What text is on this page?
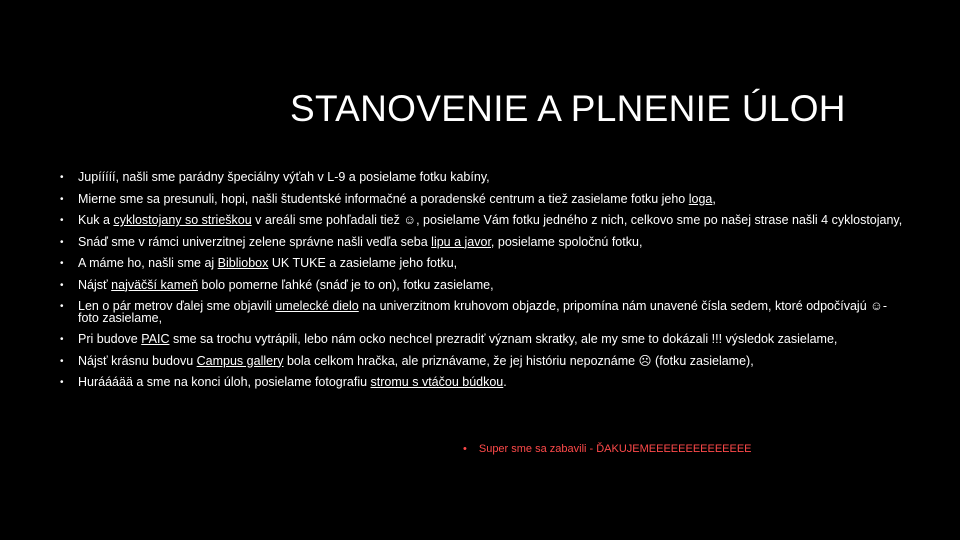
STANOVENIE A PLNENIE ÚLOH
• Jupííííí, našli sme parádny špeciálny výťah v L-9 a posielame fotku kabíny,
• Mierne sme sa presunuli, hopi, našli študentské informačné a poradenské centrum a tiež zasielame fotku jeho loga,
• Kuk a cyklostojany so strieškou v areáli sme pohľadali tiež ☺, posielame Vám fotku jedného z nich, celkovo sme po našej strase našli 4 cyklostojany,
• Snáď sme v rámci univerzitnej zelene správne našli vedľa seba lipu a javor, posielame spoločnú fotku,
• A máme ho, našli sme aj Bibliobox UK TUKE a zasielame jeho fotku,
• Nájsť najväčší kameň bolo pomerne ľahké (snáď je to on), fotku zasielame,
• Len o pár metrov ďalej sme objavili umelecké dielo na univerzitnom kruhovom objazde, pripomína nám unavené čísla sedem, ktoré odpočívajú ☺- foto zasielame,
• Pri budove PAIC sme sa trochu vytrápili, lebo nám ocko nechcel prezradiť význam skratky, ale my sme to dokázali !!! výsledok zasielame,
• Nájsť krásnu budovu Campus gallery bola celkom hračka, ale priznávame, že jej históriu nepoznáme ☹ (fotku zasielame),
• Huráááää a sme na konci úloh, posielame fotografiu stromu s vtáčou búdkou.
• Super sme sa zabavili - ĎAKUJEMEEEEEEEEEEEEEE
